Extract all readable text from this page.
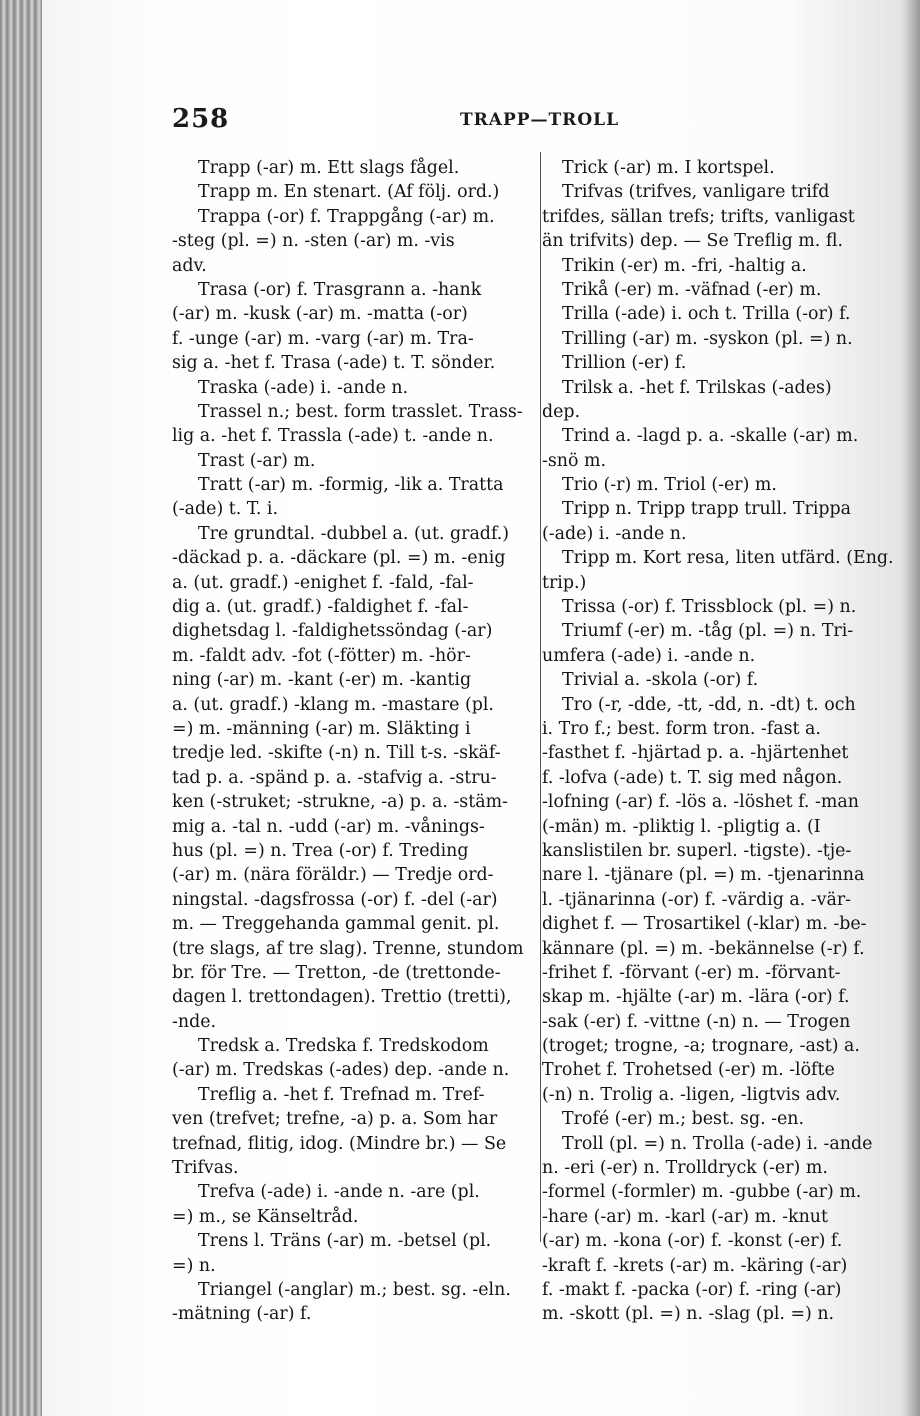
258	TRAPP—TROLL
Trapp (-ar) m. Ett slags fågel.
Trapp m. En stenart. (Af följ. ord.)
Trappa (-or) f. Trappgång (-ar) m.
-steg (pl. =) n. -sten (-ar) m. -vis
adv.
Trasa (-or) f. Trasgrann a. -hank
(-ar) m. -kusk (-ar) m. -matta (-or)
f. -unge (-ar) m. -varg (-ar) m. Tra-
sig a. -het f. Trasa (-ade) t. T. sönder.
Traska (-ade) i. -ande n.
Trassel n.; best. form trasslet. Trass-
lig a. -het f. Trassla (-ade) t. -ande n.
Trast (-ar) m.
Tratt (-ar) m. -formig, -lik a. Tratta
(-ade) t. T. i.
Tre grundtal. -dubbel a. (ut. gradf.)
-däckad p. a. -däckare (pl. =) m. -enig
a. (ut. gradf.) -enighet f. -fald, -fal-
dig a. (ut. gradf.) -faldighet f. -fal-
dighetsdag l. -faldighetssöndag (-ar)
m. -faldt adv. -fot (-fötter) m. -hör-
ning (-ar) m. -kant (-er) m. -kantig
a. (ut. gradf.) -klang m. -mastare (pl.
=) m. -männing (-ar) m. Släkting i
tredje led. -skifte (-n) n. Till t-s. -skäf-
tad p. a. -spänd p. a. -stafvig a. -stru-
ken (-struket; -strukne, -a) p. a. -stäm-
mig a. -tal n. -udd (-ar) m. -vånings-
hus (pl. =) n. Trea (-or) f. Treding
(-ar) m. (nära föräldr.) — Tredje ord-
ningstal. -dagsfrossa (-or) f. -del (-ar)
m. — Treggehanda gammal genit. pl.
(tre slags, af tre slag). Trenne, stundom
br. för Tre. — Tretton, -de (trettonde-
dagen l. trettondagen). Trettio (tretti),
-nde.
Tredsk a. Tredska f. Tredskodom
(-ar) m. Tredskas (-ades) dep. -ande n.
Treflig a. -het f. Trefnad m. Tref-
ven (trefvet; trefne, -a) p. a. Som har
trefnad, flitig, idog. (Mindre br.) — Se
Trifvas.
Trefva (-ade) i. -ande n. -are (pl.
=) m., se Känseltråd.
Trens l. Träns (-ar) m. -betsel (pl.
=) n.
Triangel (-anglar) m.; best. sg. -eln.
-mätning (-ar) f.
Trick (-ar) m. I kortspel.
Trifvas (trifves, vanligare trifd
trifdes, sällan trefs; trifts, vanligast
än trifvits) dep. — Se Treflig m. fl.
Trikin (-er) m. -fri, -haltig a.
Trikå (-er) m. -väfnad (-er) m.
Trilla (-ade) i. och t. Trilla (-or) f.
Trilling (-ar) m. -syskon (pl. =) n.
Trillion (-er) f.
Trilsk a. -het f. Trilskas (-ades)
dep.
Trind a. -lagd p. a. -skalle (-ar) m.
-snö m.
Trio (-r) m. Triol (-er) m.
Tripp n. Tripp trapp trull. Trippa
(-ade) i. -ande n.
Tripp m. Kort resa, liten utfärd. (Eng.
trip.)
Trissa (-or) f. Trissblock (pl. =) n.
Triumf (-er) m. -tåg (pl. =) n. Tri-
umfera (-ade) i. -ande n.
Trivial a. -skola (-or) f.
Tro (-r, -dde, -tt, -dd, n. -dt) t. och
i. Tro f.; best. form tron. -fast a.
-fasthet f. -hjärtad p. a. -hjärtenhet
f. -lofva (-ade) t. T. sig med någon.
-lofning (-ar) f. -lös a. -löshet f. -man
(-män) m. -pliktig l. -pligtig a. (I
kanslistilen br. superl. -tigste). -tje-
nare l. -tjänare (pl. =) m. -tjenarinna
l. -tjänarinna (-or) f. -värdig a. -vär-
dighet f. — Trosartikel (-klar) m. -be-
kännare (pl. =) m. -bekännelse (-r) f.
-frihet f. -förvant (-er) m. -förvant-
skap m. -hjälte (-ar) m. -lära (-or) f.
-sak (-er) f. -vittne (-n) n. — Trogen
(troget; trogne, -a; trognare, -ast) a.
Trohet f. Trohetsed (-er) m. -löfte
(-n) n. Trolig a. -ligen, -ligtvis adv.
Trofé (-er) m.; best. sg. -en.
Troll (pl. =) n. Trolla (-ade) i. -ande
n. -eri (-er) n. Trolldryck (-er) m.
-formel (-formler) m. -gubbe (-ar) m.
-hare (-ar) m. -karl (-ar) m. -knut
(-ar) m. -kona (-or) f. -konst (-er) f.
-kraft f. -krets (-ar) m. -käring (-ar)
f. -makt f. -packa (-or) f. -ring (-ar)
m. -skott (pl. =) n. -slag (pl. =) n.
